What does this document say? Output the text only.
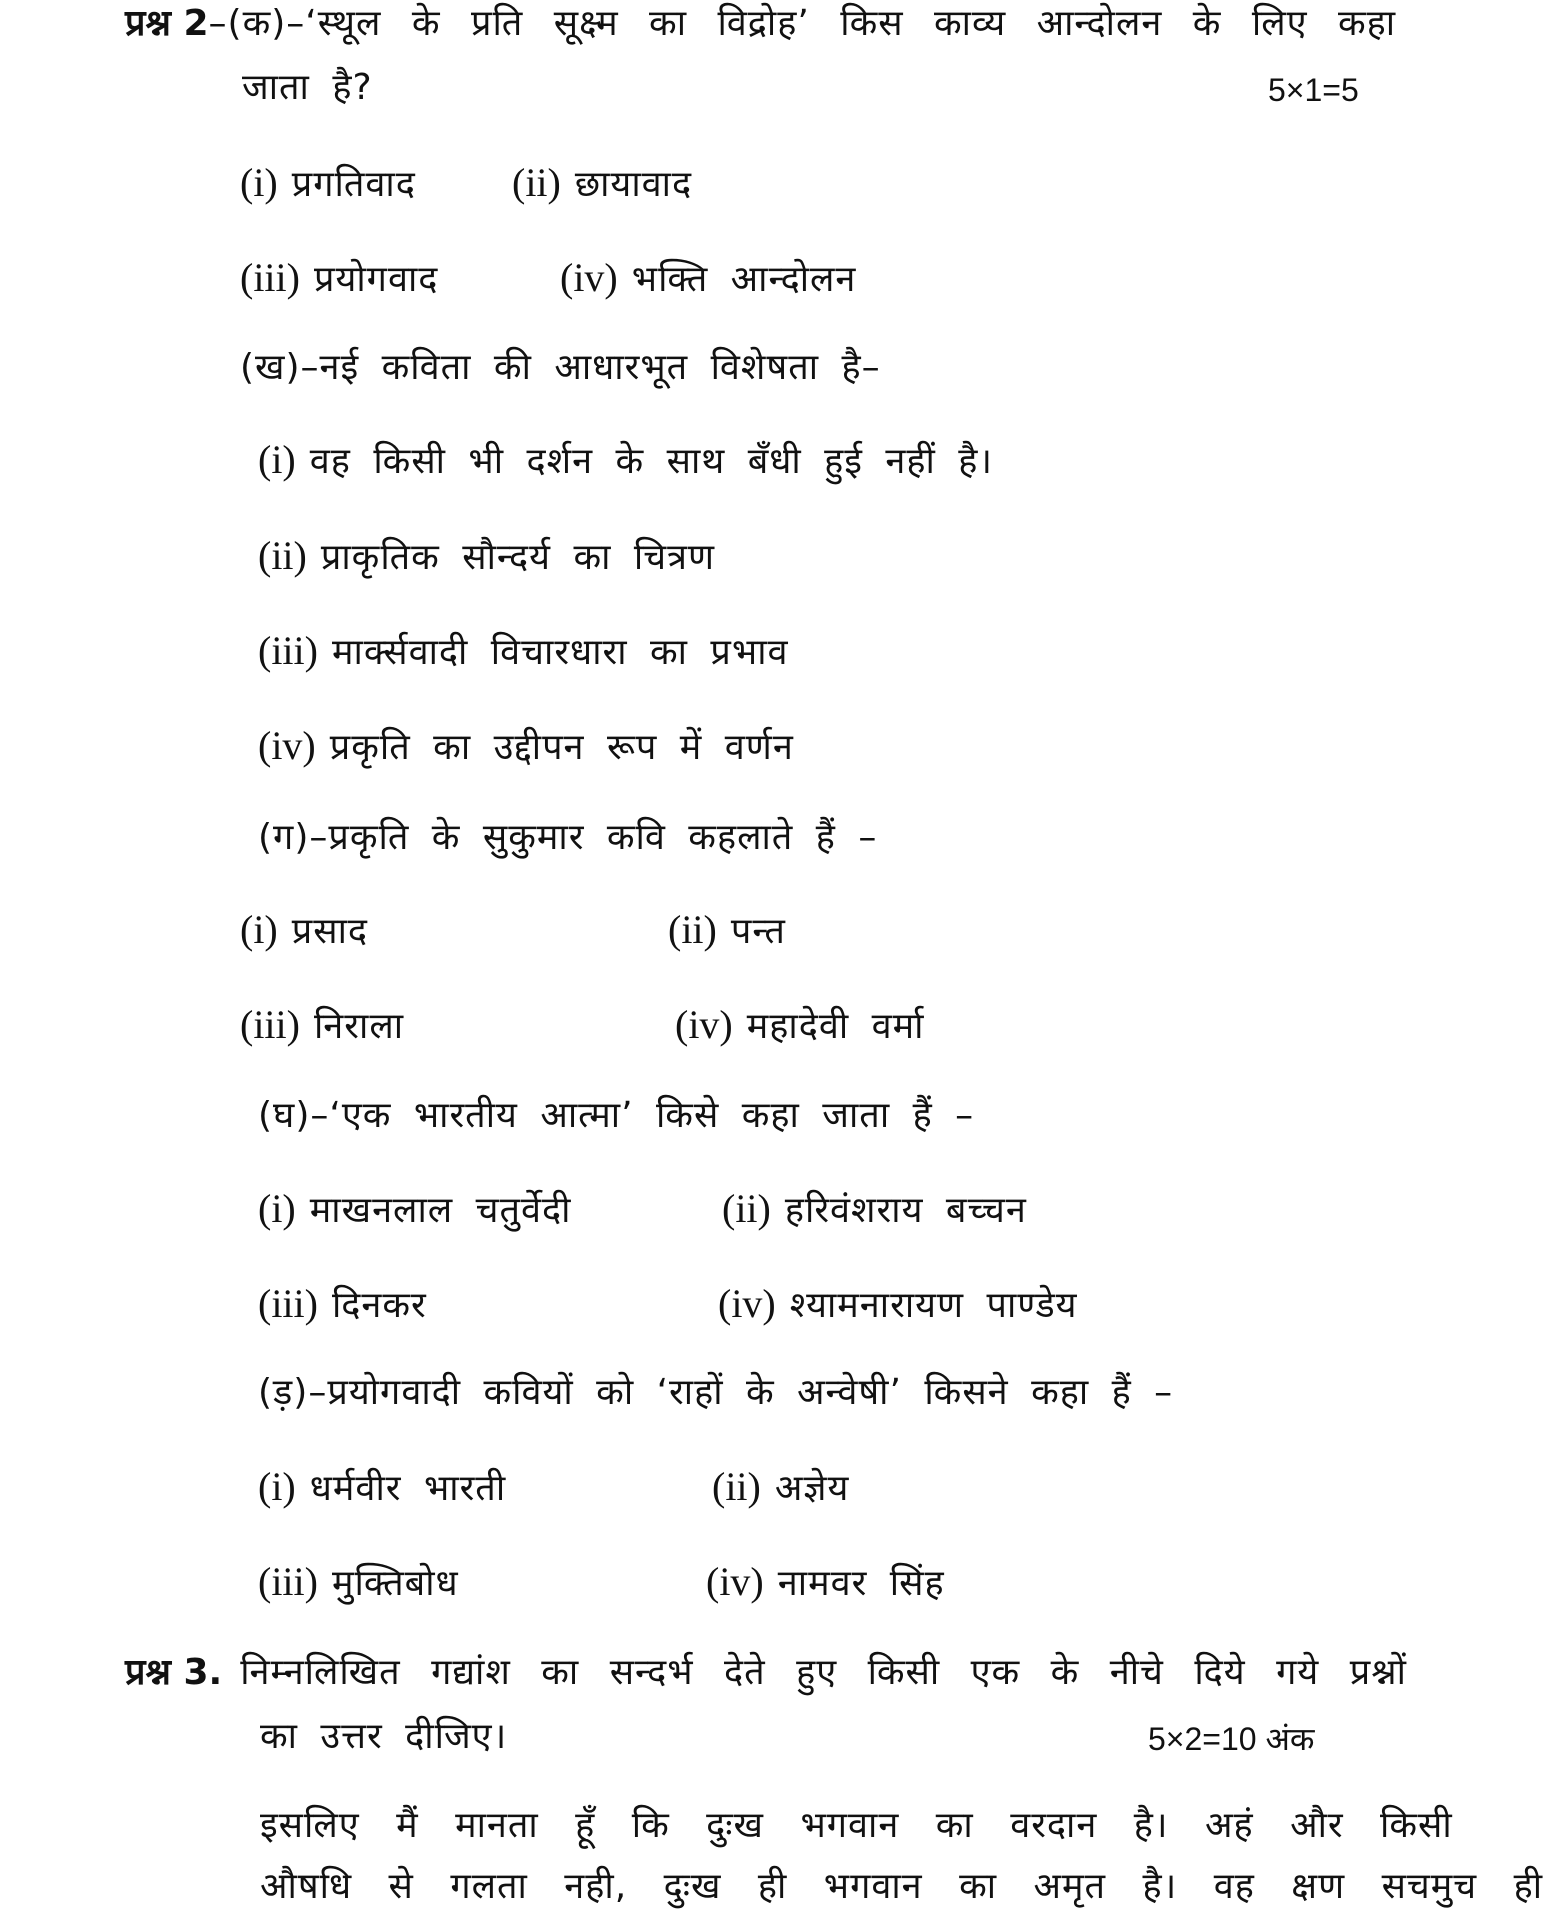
प्रश्न 2–(क)–‘स्थूल के प्रति सूक्ष्म का विद्रोह’ किस काव्य आन्दोलन के लिए कहा
जाता है?	5×1=5
(i) प्रगतिवाद (ii) छायावाद
(iii) प्रयोगवाद	(iv) भक्ति आन्दोलन
(ख)–नई कविता की आधारभूत विशेषता है–
(i) वह किसी भी दर्शन के साथ बँधी हुई नहीं है।
(ii) प्राकृतिक सौन्दर्य का चित्रण
(iii) मार्क्सवादी विचारधारा का प्रभाव
(iv) प्रकृति का उद्दीपन रूप में वर्णन
(ग)–प्रकृति के सुकुमार कवि कहलाते हैं –
(i) प्रसाद	(ii) पन्त
(iii) निराला	(iv) महादेवी वर्मा
(घ)–‘एक भारतीय आत्मा’ किसे कहा जाता हैं –
(i) माखनलाल चतुर्वेदी	(ii) हरिवंशराय बच्चन
(iii) दिनकर	(iv) श्यामनारायण पाण्डेय
(ड़)–प्रयोगवादी कवियों को ‘राहों के अन्वेषी’ किसने कहा हैं –
(i) धर्मवीर भारती	(ii) अज्ञेय
(iii) मुक्तिबोध	(iv) नामवर सिंह
प्रश्न 3. निम्नलिखित गद्यांश का सन्दर्भ देते हुए किसी एक के नीचे दिये गये प्रश्नों
का उत्तर दीजिए।	5×2=10 अंक
इसलिए मैं मानता हूँ कि दुःख भगवान का वरदान है। अहं और किसी
औषधि से गलता नही, दुःख ही भगवान का अमृत है। वह क्षण सचमुच ही
